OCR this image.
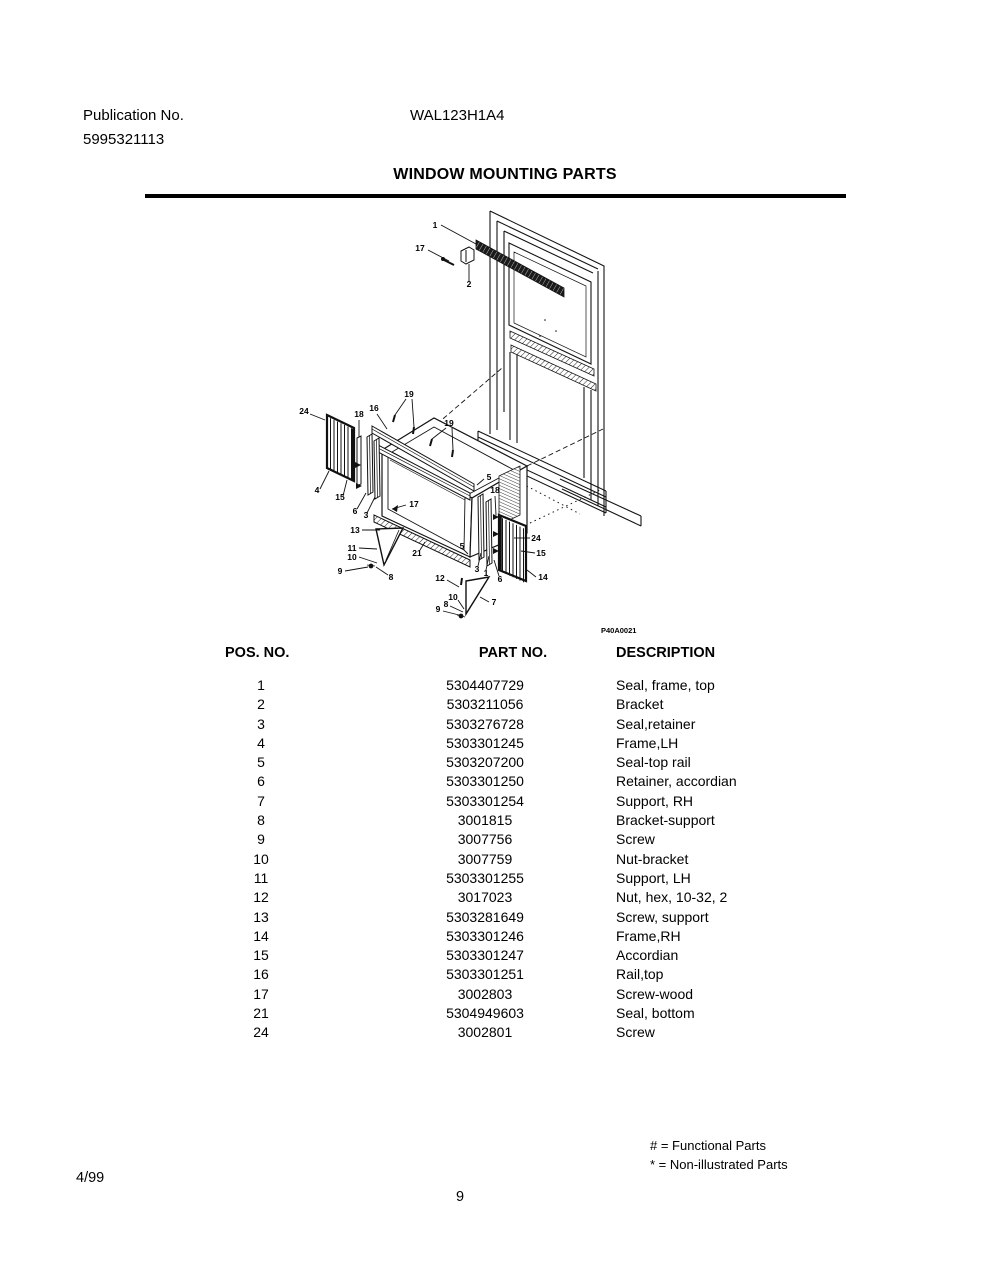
Publication No.
5995321113
WAL123H1A4
WINDOW MOUNTING PARTS
1
17
2
24	18
16
19
19
5
18
17
6 3
4
15
13
11
10
9
8
21
5
3 1
6
24
15
14
12
10
8
9
7
P40A0021
POS. NO.	PART NO.	DESCRIPTION
1	5304407729	Seal, frame, top
2	5303211056	Bracket
3	5303276728	Seal,retainer
4	5303301245	Frame,LH
5	5303207200	Seal-top rail
6	5303301250	Retainer, accordian
7	5303301254	Support, RH
8	3001815	Bracket-support
9	3007756	Screw
10	3007759	Nut-bracket
11	5303301255	Support, LH
12	3017023	Nut, hex, 10-32, 2
13	5303281649	Screw, support
14	5303301246	Frame,RH
15	5303301247	Accordian
16	5303301251	Rail,top
17	3002803	Screw-wood
21	5304949603	Seal, bottom
24	3002801	Screw
# = Functional Parts
* = Non-illustrated Parts
4/99
9
